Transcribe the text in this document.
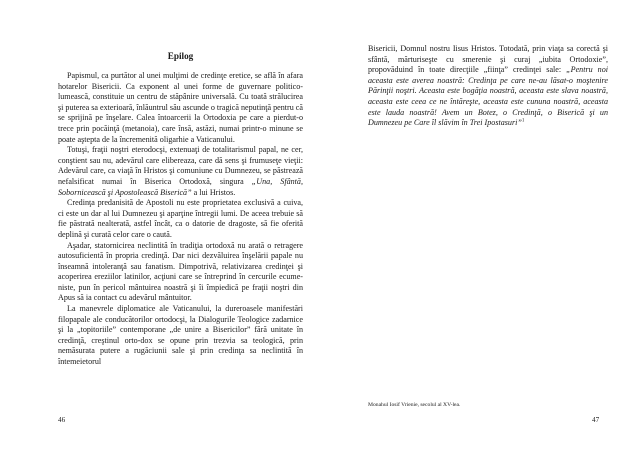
Epilog

Papismul, ca purtător al unei mulţimi de credinţe eretice, se află în afara hotarelor Bisericii. Ca exponent al unei forme de guvernare politico-lumească, constituie un centru de stăpânire universală. Cu toată strălucirea şi puterea sa exterioară, înlăuntrul său ascunde o tragică neputinţă pentru că se sprijină pe înşelare. Calea întoarcerii la Ortodoxia pe care a pierdut-o trece prin pocăinţă (metanoia), care însă, astăzi, numai printr-o minune se poate aştepta de la încremenită oligarhie a Vaticanului.

Totuşi, fraţii noştri eterodocşi, extenuaţi de totalitarismul papal, ne cer, conştient sau nu, adevărul care elibereaza, care dă sens şi frumuseţe vieţii: Adevărul care, ca viaţă în Hristos şi comuniune cu Dumnezeu, se păstrează nefalsificat numai în Biserica Ortodoxă, singura „Una, Sfântă, Sobornicească şi Apostolească Biserică” a lui Hristos.

Credinţa predanisită de Apostoli nu este proprietatea exclusivă a cuiva, ci este un dar al lui Dumnezeu şi aparţine întregii lumi. De aceea trebuie să fie păstrată nealterată, astfel încât, ca o datorie de dragoste, să fie oferită deplină şi curată celor care o caută.

Aşadar, statornicirea neclintită în tradiţia ortodoxă nu arată o retragere autosuficientă în propria credinţă. Dar nici dezvăluirea înşelării papale nu înseamnă intoleranţă sau fanatism. Dimpotrivă, relativizarea credinţei şi acoperirea ereziilor latinilor, acţiuni care se întreprind în cercurile ecume-niste, pun în pericol mântuirea noastră şi îi împiedică pe fraţii noştri din Apus să ia contact cu adevărul mântuitor.

La manevrele diplomatice ale Vaticanului, la dureroasele manifestări filopapale ale conducătorilor ortodocşi, la Dialogurile Teologice zadarnice şi la „topitoriile” contemporane „de unire a Bisericilor” fără unitate în credinţă, creştinul orto-dox se opune prin trezvia sa teologică, prin nemăsurata putere a rugăciunii sale şi prin credinţa sa neclintită în întemeietorul

Bisericii, Domnul nostru Iisus Hristos. Totodată, prin viaţa sa corectă şi sfântă, mărturiseşte cu smerenie şi curaj „iubita Ortodoxie”, propovăduind în toate direcţiile „fiinţa” credinţei sale: „Pentru noi aceasta este averea noastră: Credinţa pe care ne-au lăsat-o moştenire Părinţii noştri. Aceasta este bogăţia noastră, aceasta este slava noastră, aceasta este ceea ce ne întăreşte, aceasta este cununa noastră, aceasta este lauda noastră! Avem un Botez, o Credinţă, o Biserică şi un Dumnezeu pe Care îl slăvim în Trei Ipostasuri”$^1$

Monahul Iosif Vrienie, secolul al XV-lea.
46	47
